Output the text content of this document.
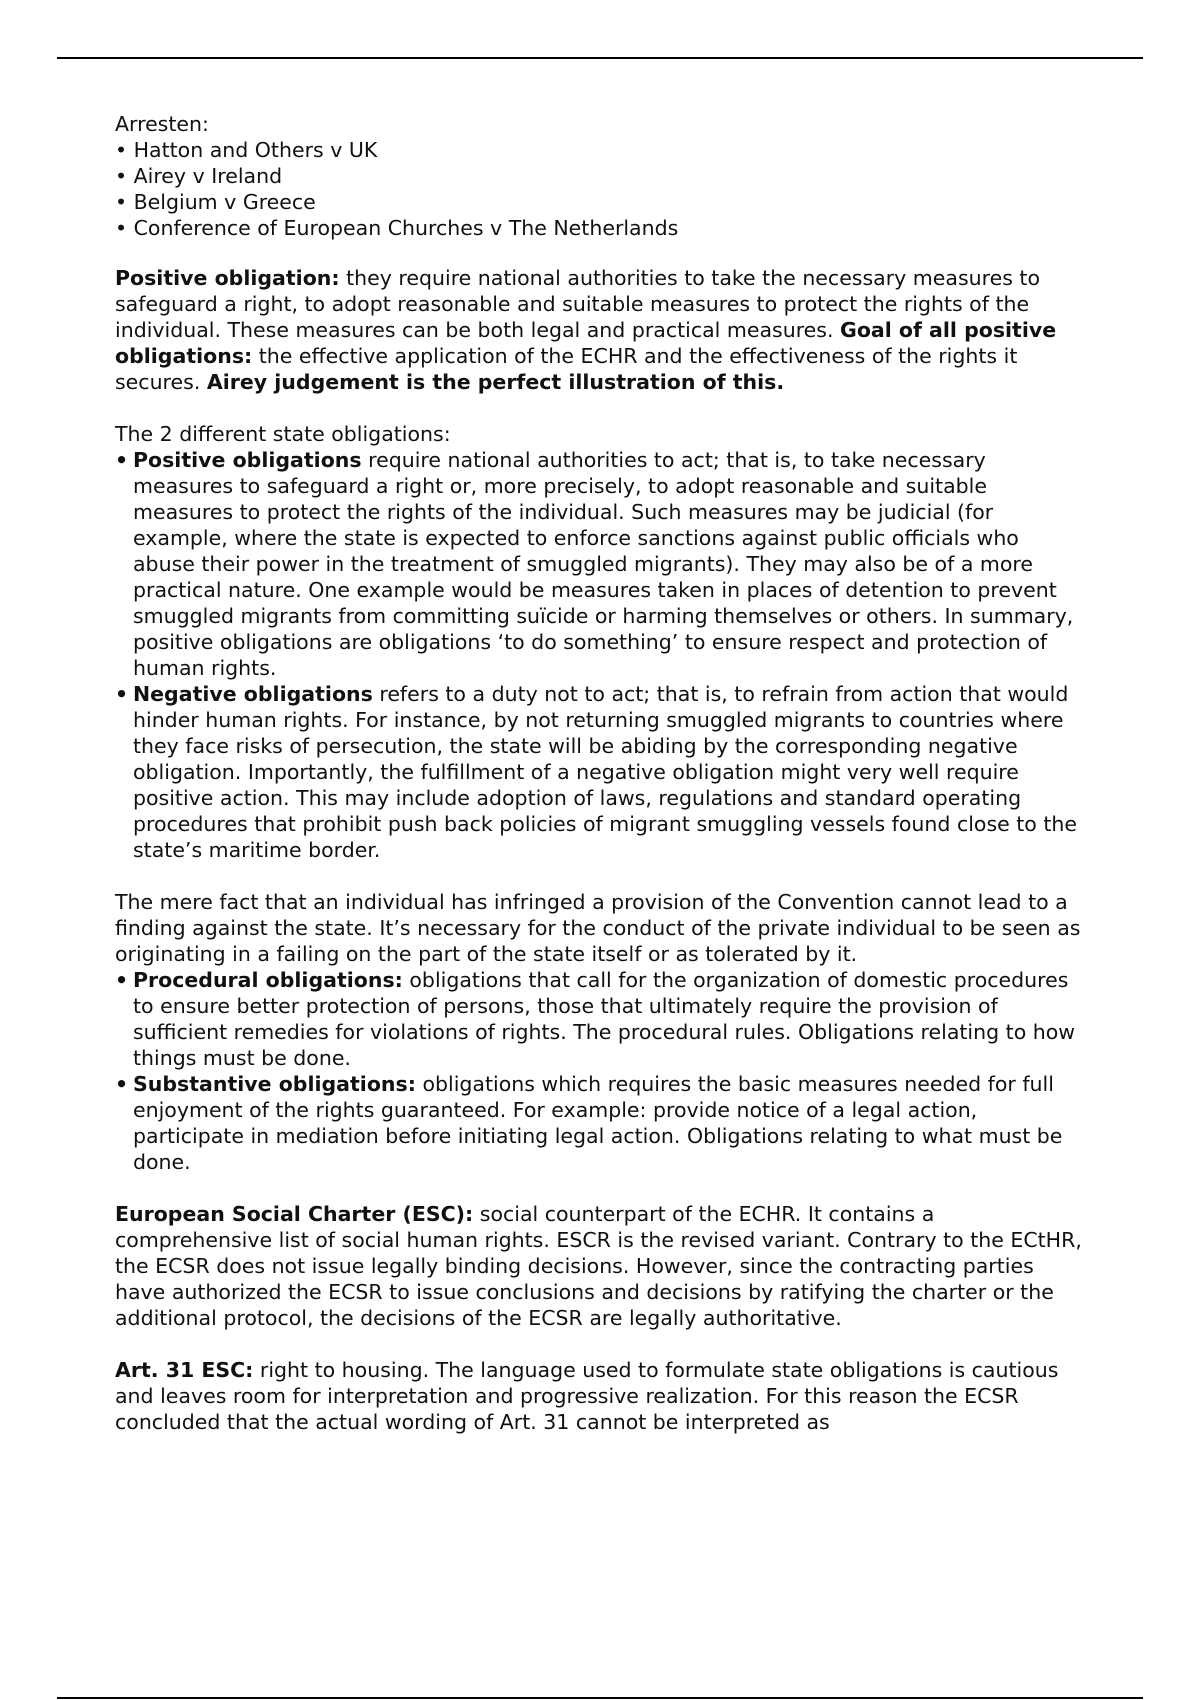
Arresten:

• Hatton and Others v UK
• Airey v Ireland
• Belgium v Greece
• Conference of European Churches v The Netherlands

Positive obligation: they require national authorities to take the necessary measures to safeguard a right, to adopt reasonable and suitable measures to protect the rights of the individual. These measures can be both legal and practical measures. Goal of all positive obligations: the effective application of the ECHR and the effectiveness of the rights it secures. Airey judgement is the perfect illustration of this.

The 2 different state obligations:

• Positive obligations require national authorities to act; that is, to take necessary measures to safeguard a right or, more precisely, to adopt reasonable and suitable measures to protect the rights of the individual. Such measures may be judicial (for example, where the state is expected to enforce sanctions against public officials who abuse their power in the treatment of smuggled migrants). They may also be of a more practical nature. One example would be measures taken in places of detention to prevent smuggled migrants from committing suïcide or harming themselves or others. In summary, positive obligations are obligations ‘to do something’ to ensure respect and protection of human rights.
• Negative obligations refers to a duty not to act; that is, to refrain from action that would hinder human rights. For instance, by not returning smuggled migrants to countries where they face risks of persecution, the state will be abiding by the corresponding negative obligation. Importantly, the fulfillment of a negative obligation might very well require positive action. This may include adoption of laws, regulations and standard operating procedures that prohibit push back policies of migrant smuggling vessels found close to the state’s maritime border.

The mere fact that an individual has infringed a provision of the Convention cannot lead to a finding against the state. It’s necessary for the conduct of the private individual to be seen as originating in a failing on the part of the state itself or as tolerated by it.

• Procedural obligations: obligations that call for the organization of domestic procedures to ensure better protection of persons, those that ultimately require the provision of sufficient remedies for violations of rights. The procedural rules. Obligations relating to how things must be done.
• Substantive obligations: obligations which requires the basic measures needed for full enjoyment of the rights guaranteed. For example: provide notice of a legal action, participate in mediation before initiating legal action. Obligations relating to what must be done.

European Social Charter (ESC): social counterpart of the ECHR. It contains a comprehensive list of social human rights. ESCR is the revised variant. Contrary to the ECtHR, the ECSR does not issue legally binding decisions. However, since the contracting parties have authorized the ECSR to issue conclusions and decisions by ratifying the charter or the additional protocol, the decisions of the ECSR are legally authoritative.

Art. 31 ESC: right to housing. The language used to formulate state obligations is cautious and leaves room for interpretation and progressive realization. For this reason the ECSR concluded that the actual wording of Art. 31 cannot be interpreted as
